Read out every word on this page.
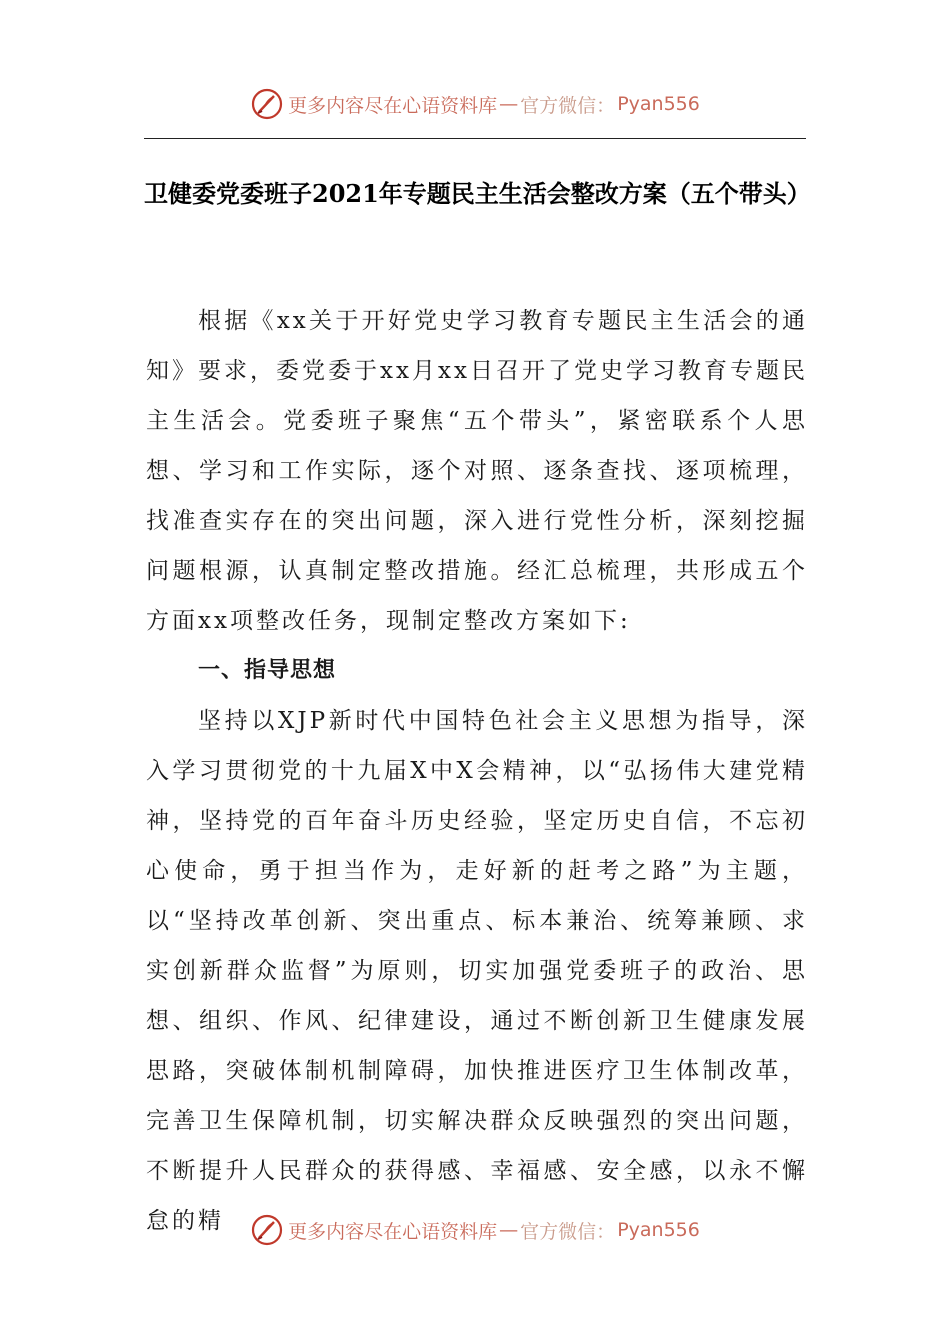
更多内容尽在心语资料库 — 官方微信： Pyan556
卫健委党委班子2021年专题民主生活会整改方案（五个带头）

根据《xx关于开好党史学习教育专题民主生活会的通知》要求，委党委于xx月xx日召开了党史学习教育专题民主生活会。党委班子聚焦“五个带头”，紧密联系个人思想、学习和工作实际，逐个对照、逐条查找、逐项梳理，找准查实存在的突出问题，深入进行党性分析，深刻挖掘问题根源，认真制定整改措施。经汇总梳理，共形成五个方面xx项整改任务，现制定整改方案如下:

一、指导思想

坚持以XJP新时代中国特色社会主义思想为指导，深入学习贯彻党的十九届X中X会精神，以“弘扬伟大建党精神，坚持党的百年奋斗历史经验，坚定历史自信，不忘初心使命，勇于担当作为，走好新的赶考之路”为主题，以“坚持改革创新、突出重点、标本兼治、统筹兼顾、求实创新群众监督”为原则，切实加强党委班子的政治、思想、组织、作风、纪律建设，通过不断创新卫生健康发展思路，突破体制机制障碍，加快推进医疗卫生体制改革，完善卫生保障机制，切实解决群众反映强烈的突出问题，不断提升人民群众的获得感、幸福感、安全感，以永不懈怠的精	更多内容尽在心语资料库 — 官方微信： Pyan556
